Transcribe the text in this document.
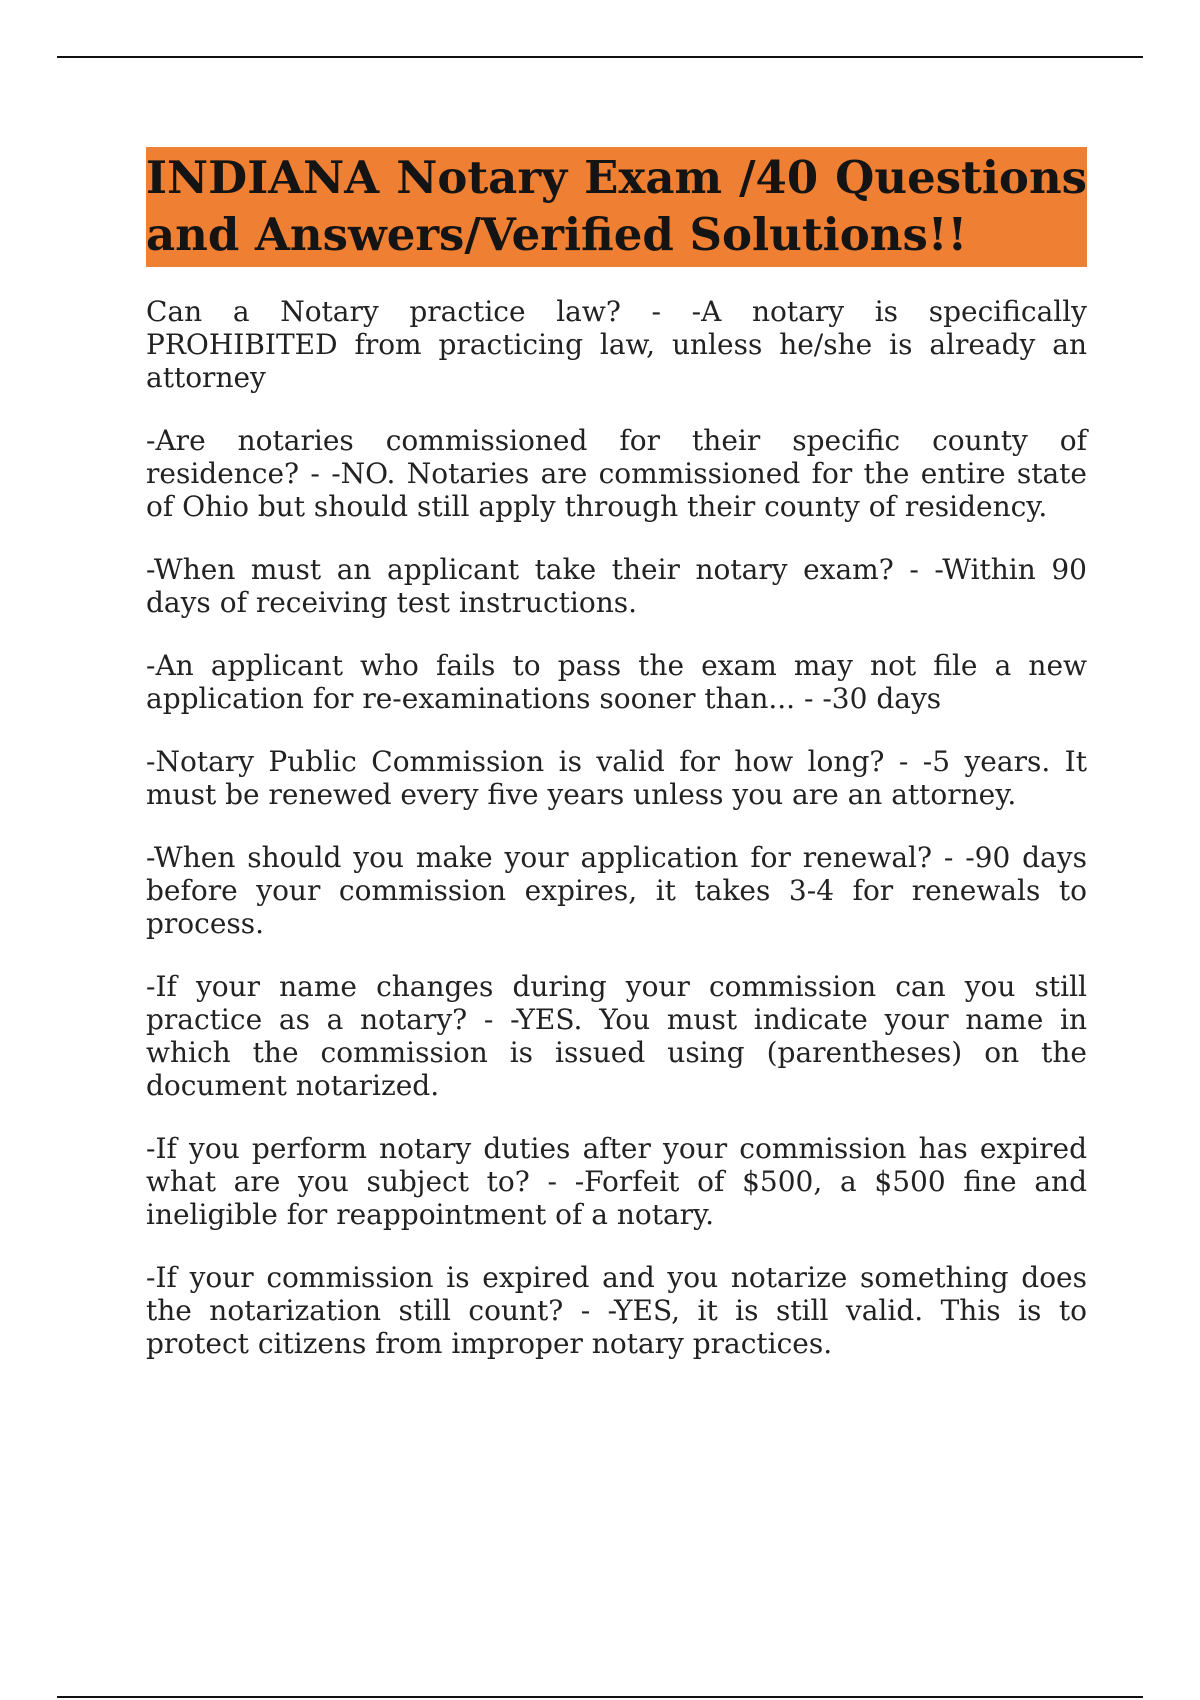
INDIANA Notary Exam /40 Questions and Answers/Verified Solutions!!

Can a Notary practice law? - -A notary is specifically PROHIBITED from practicing law, unless he/she is already an attorney

-Are notaries commissioned for their specific county of residence? - -NO. Notaries are commissioned for the entire state of Ohio but should still apply through their county of residency.

-When must an applicant take their notary exam? - -Within 90 days of receiving test instructions.

-An applicant who fails to pass the exam may not file a new application for re-examinations sooner than... - -30 days

-Notary Public Commission is valid for how long? - -5 years. It must be renewed every five years unless you are an attorney.

-When should you make your application for renewal? - -90 days before your commission expires, it takes 3-4 for renewals to process.

-If your name changes during your commission can you still practice as a notary? - -YES. You must indicate your name in which the commission is issued using (parentheses) on the document notarized.

-If you perform notary duties after your commission has expired what are you subject to? - -Forfeit of $500, a $500 fine and ineligible for reappointment of a notary.

-If your commission is expired and you notarize something does the notarization still count? - -YES, it is still valid. This is to protect citizens from improper notary practices.
